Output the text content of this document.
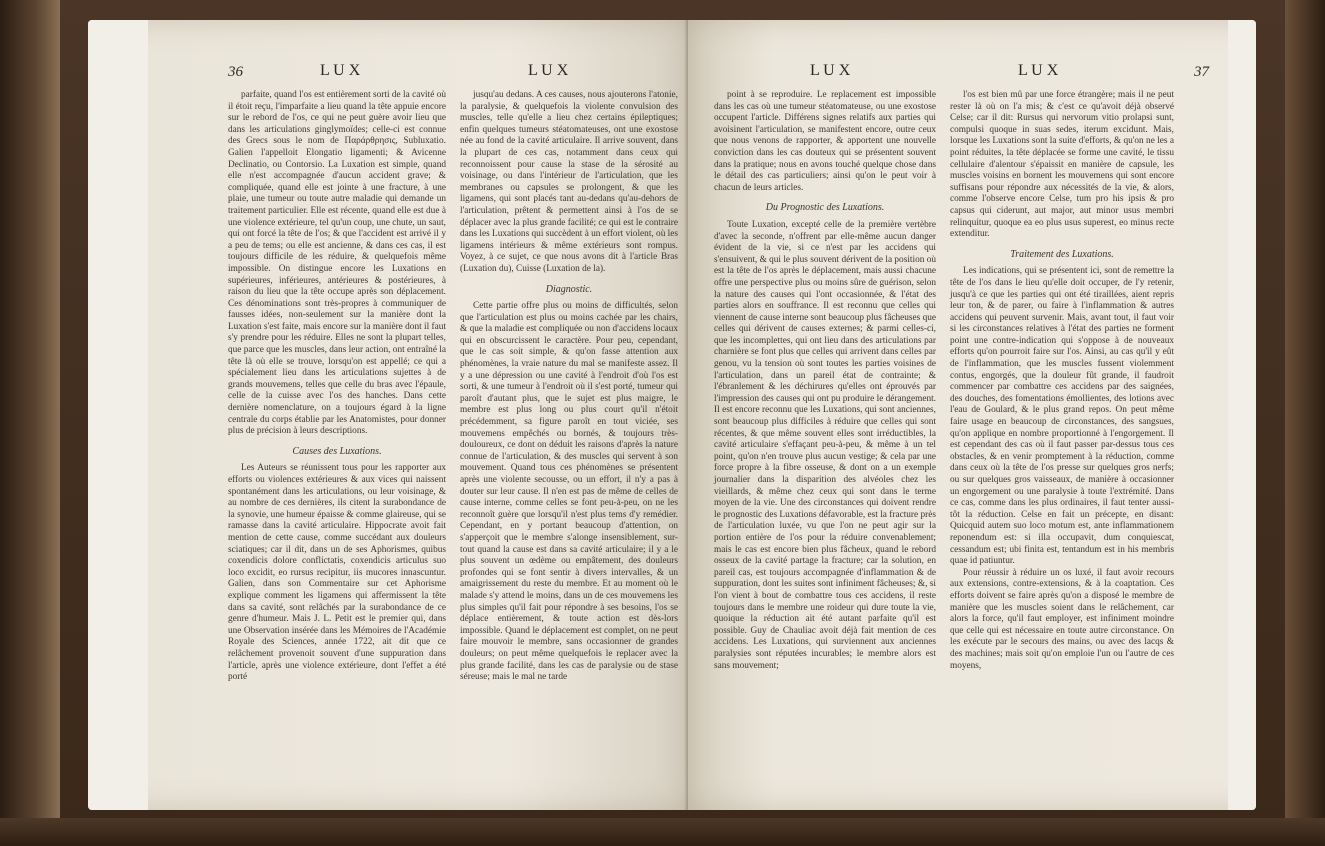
36	L U X	L U X

parfaite, quand l'os est entièrement sorti de la cavité où il étoit reçu, l'imparfaite a lieu quand la tête appuie encore sur le rebord de l'os, ce qui ne peut guère avoir lieu que dans les articulations ginglymoïdes; celle-ci est connue des Grecs sous le nom de Παράρθρησις, Subluxatio. Galien l'appelloit Elongatio ligamenti; & Avicenne Declinatio, ou Contorsio. La Luxation est simple, quand elle n'est accompagnée d'aucun accident grave; & compliquée, quand elle est jointe à une fracture, à une plaie, une tumeur ou toute autre maladie qui demande un traitement particulier. Elle est récente, quand elle est due à une violence extérieure, tel qu'un coup, une chute, un saut, qui ont forcé la tête de l'os; & que l'accident est arrivé il y a peu de tems; ou elle est ancienne, & dans ces cas, il est toujours difficile de les réduire, & quelquefois même impossible. On distingue encore les Luxations en supérieures, inférieures, antérieures & postérieures, à raison du lieu que la tête occupe après son déplacement. Ces dénominations sont très-propres à communiquer de fausses idées, non-seulement sur la manière dont la Luxation s'est faite, mais encore sur la manière dont il faut s'y prendre pour les réduire. Elles ne sont la plupart telles, que parce que les muscles, dans leur action, ont entraîné la tête là où elle se trouve, lorsqu'on est appellé; ce qui a spécialement lieu dans les articulations sujettes à de grands mouvemens, telles que celle du bras avec l'épaule, celle de la cuisse avec l'os des hanches. Dans cette dernière nomenclature, on a toujours égard à la ligne centrale du corps établie par les Anatomistes, pour donner plus de précision à leurs descriptions.

Causes des Luxations.

Les Auteurs se réunissent tous pour les rapporter aux efforts ou violences extérieures & aux vices qui naissent spontanément dans les articulations, ou leur voisinage, & au nombre de ces dernières, ils citent la surabondance de la synovie, une humeur épaisse & comme glaireuse, qui se ramasse dans la cavité articulaire. Hippocrate avoit fait mention de cette cause, comme succédant aux douleurs sciatiques; car il dit, dans un de ses Aphorismes, quibus coxendicis dolore conflictatis, coxendicis articulus suo loco excidit, eo rursus recipitur, iis mucores innascuntur. Galien, dans son Commentaire sur cet Aphorisme explique comment les ligamens qui affermissent la tête dans sa cavité, sont relâchés par la surabondance de ce genre d'humeur. Mais J. L. Petit est le premier qui, dans une Observation insérée dans les Mémoires de l'Académie Royale des Sciences, année 1722, ait dit que ce relâchement provenoit souvent d'une suppuration dans l'article, après une violence extérieure, dont l'effet a été porté

jusqu'au dedans. A ces causes, nous ajouterons l'atonie, la paralysie, & quelquefois la violente convulsion des muscles, telle qu'elle a lieu chez certains épileptiques; enfin quelques tumeurs stéatomateuses, ont une exostose née au fond de la cavité articulaire. Il arrive souvent, dans la plupart de ces cas, notamment dans ceux qui reconnoissent pour cause la stase de la sérosité au voisinage, ou dans l'intérieur de l'articulation, que les membranes ou capsules se prolongent, & que les ligamens, qui sont placés tant au-dedans qu'au-dehors de l'articulation, prêtent & permettent ainsi à l'os de se déplacer avec la plus grande facilité; ce qui est le contraire dans les Luxations qui succèdent à un effort violent, où les ligamens intérieurs & même extérieurs sont rompus. Voyez, à ce sujet, ce que nous avons dit à l'article Bras (Luxation du), Cuisse (Luxation de la).

Diagnostic.

Cette partie offre plus ou moins de difficultés, selon que l'articulation est plus ou moins cachée par les chairs, & que la maladie est compliquée ou non d'accidens locaux qui en obscurcissent le caractère. Pour peu, cependant, que le cas soit simple, & qu'on fasse attention aux phénomènes, la vraie nature du mal se manifeste assez. Il y a une dépression ou une cavité à l'endroit d'où l'os est sorti, & une tumeur à l'endroit où il s'est porté, tumeur qui paroît d'autant plus, que le sujet est plus maigre, le membre est plus long ou plus court qu'il n'étoit précédemment, sa figure paroît en tout viciée, ses mouvemens empêchés ou bornés, & toujours très-douloureux, ce dont on déduit les raisons d'après la nature connue de l'articulation, & des muscles qui servent à son mouvement. Quand tous ces phénomènes se présentent après une violente secousse, ou un effort, il n'y a pas à douter sur leur cause. Il n'en est pas de même de celles de cause interne, comme celles se font peu-à-peu, on ne les reconnoît guère que lorsqu'il n'est plus tems d'y remédier. Cependant, en y portant beaucoup d'attention, on s'apperçoit que le membre s'alonge insensiblement, sur-tout quand la cause est dans sa cavité articulaire; il y a le plus souvent un œdème ou empâtement, des douleurs profondes qui se font sentir à divers intervalles, & un amaigrissement du reste du membre. Et au moment où le malade s'y attend le moins, dans un de ces mouvemens les plus simples qu'il fait pour répondre à ses besoins, l'os se déplace entièrement, & toute action est dès-lors impossible. Quand le déplacement est complet, on ne peut faire mouvoir le membre, sans occasionner de grandes douleurs; on peut même quelquefois le replacer avec la plus grande facilité, dans les cas de paralysie ou de stase séreuse; mais le mal ne tarde

L U X	L U X	37

point à se reproduire. Le replacement est impossible dans les cas où une tumeur stéatomateuse, ou une exostose occupent l'article. Différens signes relatifs aux parties qui avoisinent l'articulation, se manifestent encore, outre ceux que nous venons de rapporter, & apportent une nouvelle conviction dans les cas douteux qui se présentent souvent dans la pratique; nous en avons touché quelque chose dans le détail des cas particuliers; ainsi qu'on le peut voir à chacun de leurs articles.

Du Prognostic des Luxations.

Toute Luxation, excepté celle de la première vertèbre d'avec la seconde, n'offrent par elle-même aucun danger évident de la vie, si ce n'est par les accidens qui s'ensuivent, & qui le plus souvent dérivent de la position où est la tête de l'os après le déplacement, mais aussi chacune offre une perspective plus ou moins sûre de guérison, selon la nature des causes qui l'ont occasionnée, & l'état des parties alors en souffrance. Il est reconnu que celles qui viennent de cause interne sont beaucoup plus fâcheuses que celles qui dérivent de causes externes; & parmi celles-ci, que les incomplettes, qui ont lieu dans des articulations par charnière se font plus que celles qui arrivent dans celles par genou, vu la tension où sont toutes les parties voisines de l'articulation, dans un pareil état de contrainte; & l'ébranlement & les déchirures qu'elles ont éprouvés par l'impression des causes qui ont pu produire le dérangement. Il est encore reconnu que les Luxations, qui sont anciennes, sont beaucoup plus difficiles à réduire que celles qui sont récentes, & que même souvent elles sont irréductibles, la cavité articulaire s'effaçant peu-à-peu, & même à un tel point, qu'on n'en trouve plus aucun vestige; & cela par une force propre à la fibre osseuse, & dont on a un exemple journalier dans la disparition des alvéoles chez les vieillards, & même chez ceux qui sont dans le terme moyen de la vie. Une des circonstances qui doivent rendre le prognostic des Luxations défavorable, est la fracture près de l'articulation luxée, vu que l'on ne peut agir sur la portion entière de l'os pour la réduire convenablement; mais le cas est encore bien plus fâcheux, quand le rebord osseux de la cavité partage la fracture; car la solution, en pareil cas, est toujours accompagnée d'inflammation & de suppuration, dont les suites sont infiniment fâcheuses; &, si l'on vient à bout de combattre tous ces accidens, il reste toujours dans le membre une roideur qui dure toute la vie, quoique la réduction ait été autant parfaite qu'il est possible. Guy de Chauliac avoit déjà fait mention de ces accidens. Les Luxations, qui surviennent aux anciennes paralysies sont réputées incurables; le membre alors est sans mouvement;

l'os est bien mû par une force étrangère; mais il ne peut rester là où on l'a mis; & c'est ce qu'avoit déjà observé Celse; car il dit: Rursus qui nervorum vitio prolapsi sunt, compulsi quoque in suas sedes, iterum excidunt. Mais, lorsque les Luxations sont la suite d'efforts, & qu'on ne les a point réduites, la tête déplacée se forme une cavité, le tissu cellulaire d'alentour s'épaissit en manière de capsule, les muscles voisins en bornent les mouvemens qui sont encore suffisans pour répondre aux nécessités de la vie, & alors, comme l'observe encore Celse, tum pro his ipsis & pro capsus qui ciderunt, aut major, aut minor usus membri relinquitur, quoque ea eo plus usus superest, eo minus recte extenditur.

Traitement des Luxations.

Les indications, qui se présentent ici, sont de remettre la tête de l'os dans le lieu qu'elle doit occuper, de l'y retenir, jusqu'à ce que les parties qui ont été tiraillées, aient repris leur ton, & de parer, ou faire à l'inflammation & autres accidens qui peuvent survenir. Mais, avant tout, il faut voir si les circonstances relatives à l'état des parties ne forment point une contre-indication qui s'oppose à de nouveaux efforts qu'on pourroit faire sur l'os. Ainsi, au cas qu'il y eût de l'inflammation, que les muscles fussent violemment contus, engorgés, que la douleur fût grande, il faudroit commencer par combattre ces accidens par des saignées, des douches, des fomentations émollientes, des lotions avec l'eau de Goulard, & le plus grand repos. On peut même faire usage en beaucoup de circonstances, des sangsues, qu'on applique en nombre proportionné à l'engorgement. Il est cependant des cas où il faut passer par-dessus tous ces obstacles, & en venir promptement à la réduction, comme dans ceux où la tête de l'os presse sur quelques gros nerfs; ou sur quelques gros vaisseaux, de manière à occasionner un engorgement ou une paralysie à toute l'extrémité. Dans ce cas, comme dans les plus ordinaires, il faut tenter aussi-tôt la réduction. Celse en fait un précepte, en disant: Quicquid autem suo loco motum est, ante inflammationem reponendum est: si illa occupavit, dum conquiescat, cessandum est; ubi finita est, tentandum est in his membris quae id patiuntur.

Pour réussir à réduire un os luxé, il faut avoir recours aux extensions, contre-extensions, & à la coaptation. Ces efforts doivent se faire après qu'on a disposé le membre de manière que les muscles soient dans le relâchement, car alors la force, qu'il faut employer, est infiniment moindre que celle qui est nécessaire en toute autre circonstance. On les exécute par le secours des mains, ou avec des lacqs & des machines; mais soit qu'on emploie l'un ou l'autre de ces moyens,
